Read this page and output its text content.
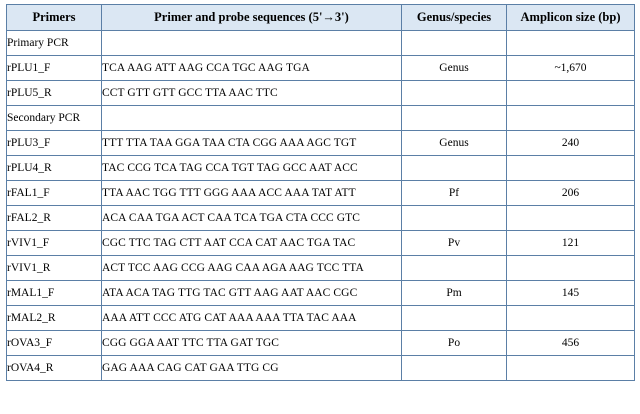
Primers	Primer and probe sequences (5'→3')	Genus/species	Amplicon size (bp)
Primary PCR			
rPLU1_F	TCA AAG ATT AAG CCA TGC AAG TGA	Genus	~1,670
rPLU5_R	CCT GTT GTT GCC TTA AAC TTC		
Secondary PCR			
rPLU3_F	TTT TTA TAA GGA TAA CTA CGG AAA AGC TGT	Genus	240
rPLU4_R	TAC CCG TCA TAG CCA TGT TAG GCC AAT ACC		
rFAL1_F	TTA AAC TGG TTT GGG AAA ACC AAA TAT ATT	Pf	206
rFAL2_R	ACA CAA TGA ACT CAA TCA TGA CTA CCC GTC		
rVIV1_F	CGC TTC TAG CTT AAT CCA CAT AAC TGA TAC	Pv	121
rVIV1_R	ACT TCC AAG CCG AAG CAA AGA AAG TCC TTA		
rMAL1_F	ATA ACA TAG TTG TAC GTT AAG AAT AAC CGC	Pm	145
rMAL2_R	AAA ATT CCC ATG CAT AAA AAA TTA TAC AAA		
rOVA3_F	CGG GGA AAT TTC TTA GAT TGC	Po	456
rOVA4_R	GAG AAA CAG CAT GAA TTG CG		
